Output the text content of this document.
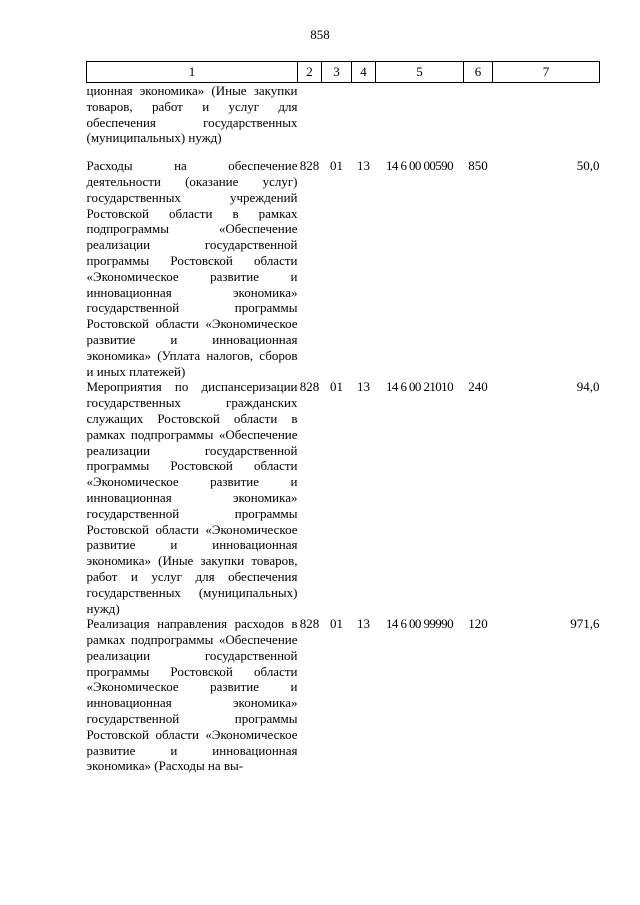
858
1	2	3	4	5	6	7
ционная экономика» (Иные закупки товаров, работ и услуг для обеспечения государственных (муниципальных) нужд)						
Расходы на обеспечение деятельности (оказание услуг) государственных учреждений Ростовской области в рамках подпрограммы «Обеспечение реализации государственной программы Ростовской области «Экономическое развитие и инновационная экономика» государственной программы Ростовской области «Экономическое развитие и инновационная экономика» (Уплата налогов, сборов и иных платежей)	828	01	13	14 6 00 00590	850	50,0
Мероприятия по диспансеризации государственных гражданских служащих Ростовской области в рамках подпрограммы «Обеспечение реализации государственной программы Ростовской области «Экономическое развитие и инновационная экономика» государственной программы Ростовской области «Экономическое развитие и инновационная экономика» (Иные закупки товаров, работ и услуг для обеспечения государственных (муниципальных) нужд)	828	01	13	14 6 00 21010	240	94,0
Реализация направления расходов в рамках подпрограммы «Обеспечение реализации государственной программы Ростовской области «Экономическое развитие и инновационная экономика» государственной программы Ростовской области «Экономическое развитие и инновационная экономика» (Расходы на вы-	828	01	13	14 6 00 99990	120	971,6
